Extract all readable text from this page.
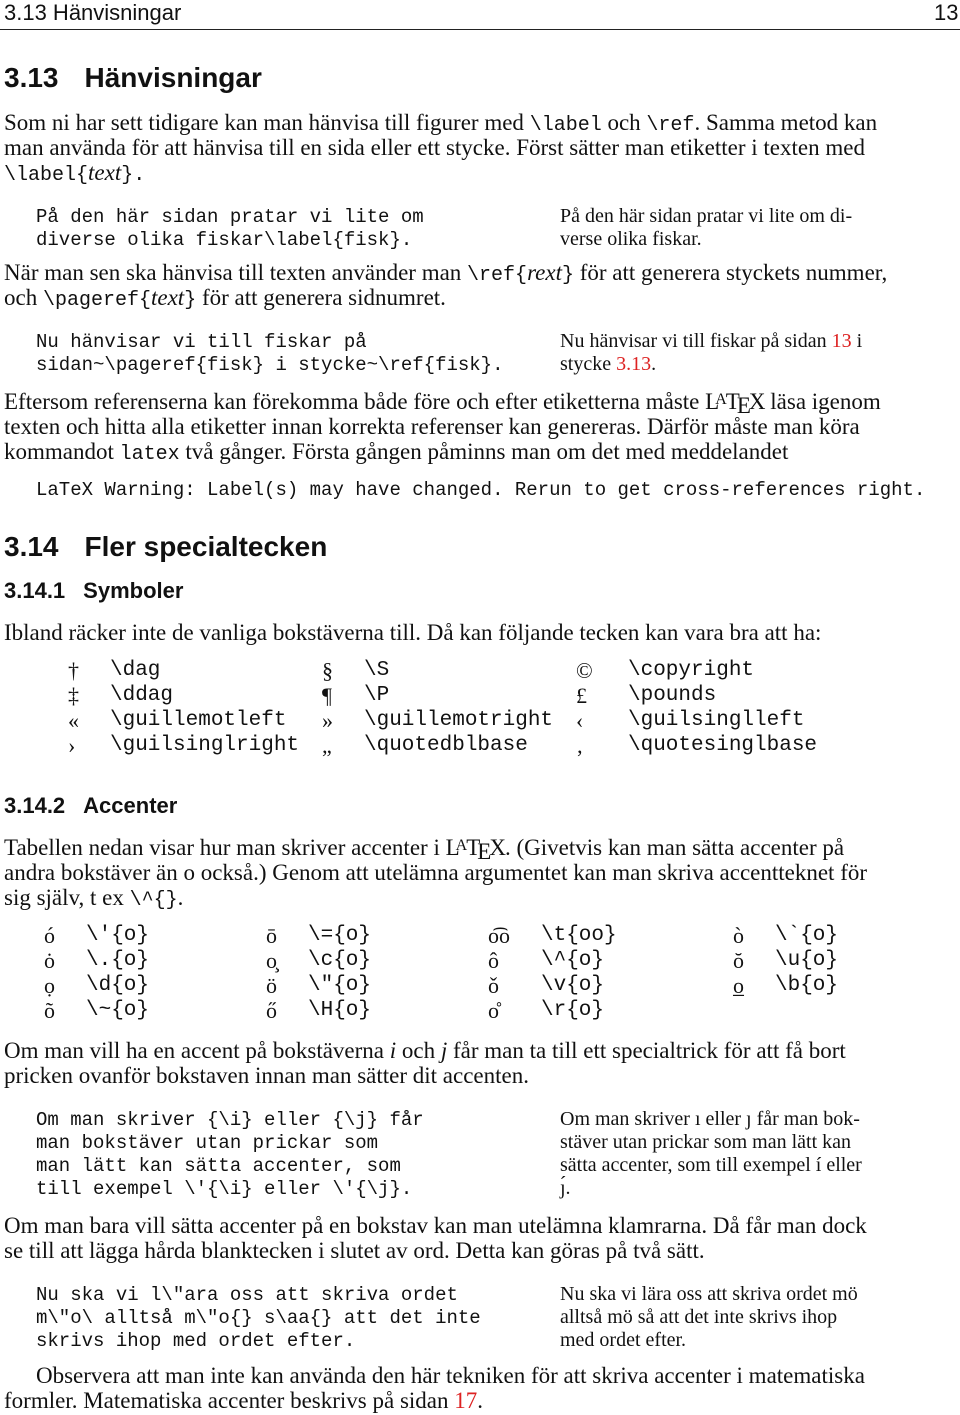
3.13 Hänvisningar	13
3.13 Hänvisningar
Som ni har sett tidigare kan man hänvisa till figurer med \label och \ref. Samma metod kan
man använda för att hänvisa till en sida eller ett stycke. Först sätter man etiketter i texten med
\label{text}.
På den här sidan pratar vi lite om
diverse olika fiskar\label{fisk}.
På den här sidan pratar vi lite om di-
verse olika fiskar.
När man sen ska hänvisa till texten använder man \ref{rext} för att generera styckets nummer,
och \pageref{text} för att generera sidnumret.
Nu hänvisar vi till fiskar på
sidan~\pageref{fisk} i stycke~\ref{fisk}.
Nu hänvisar vi till fiskar på sidan 13 i
stycke 3.13.
Eftersom referenserna kan förekomma både före och efter etiketterna måste $L^ATEX$ läsa igenom
texten och hitta alla etiketter innan korrekta referenser kan genereras. Därför måste man köra
kommandot latex två gånger. Första gången påminns man om det med meddelandet
LaTeX Warning: Label(s) may have changed. Rerun to get cross-references right.
3.14 Fler specialtecken
3.14.1 Symboler
Ibland räcker inte de vanliga bokstäverna till. Då kan följande tecken kan vara bra att ha:
† \dag	§ \S	© \copyright
‡ \ddag	¶ \P	£ \pounds
« \guillemotleft » \guillemotright ‹ \guilsinglleft
› \guilsinglright „ \quotedblbase ‚ \quotesinglbase
3.14.2 Accenter
Tabellen nedan visar hur man skriver accenter i $L^ATEX$. (Givetvis kan man sätta accenter på
andra bokstäver än o också.) Genom att utelämna argumentet kan man skriva accentteknet för
sig själv, t ex \^{}.
ó \'{o}	ō \={o}	o͡o \t{oo}	ò \`{o}
ȯ \.{o}	o̧ \c{o}	ô \^{o}	ŏ \u{o}
ọ \d{o}	ö \"{o}	ǒ \v{o}	o̲ \b{o}
õ \~{o}	ő \H{o}	o̊ \r{o}
Om man vill ha en accent på bokstäverna i och j får man ta till ett specialtrick för att få bort
pricken ovanför bokstaven innan man sätter dit accenten.
Om man skriver {\i} eller {\j} får
man bokstäver utan prickar som
man lätt kan sätta accenter, som
till exempel \'{\i} eller \'{\j}.
Om man skriver ı eller ȷ får man bok-
stäver utan prickar som man lätt kan
sätta accenter, som till exempel í eller
ȷ́.
Om man bara vill sätta accenter på en bokstav kan man utelämna klamrarna. Då får man dock
se till att lägga hårda blanktecken i slutet av ord. Detta kan göras på två sätt.
Nu ska vi l\"ara oss att skriva ordet
m\"o\ alltså m\"o{} s\aa{} att det inte
skrivs ihop med ordet efter.
Nu ska vi lära oss att skriva ordet mö
alltså mö så att det inte skrivs ihop
med ordet efter.
Observera att man inte kan använda den här tekniken för att skriva accenter i matematiska
formler. Matematiska accenter beskrivs på sidan 17.
